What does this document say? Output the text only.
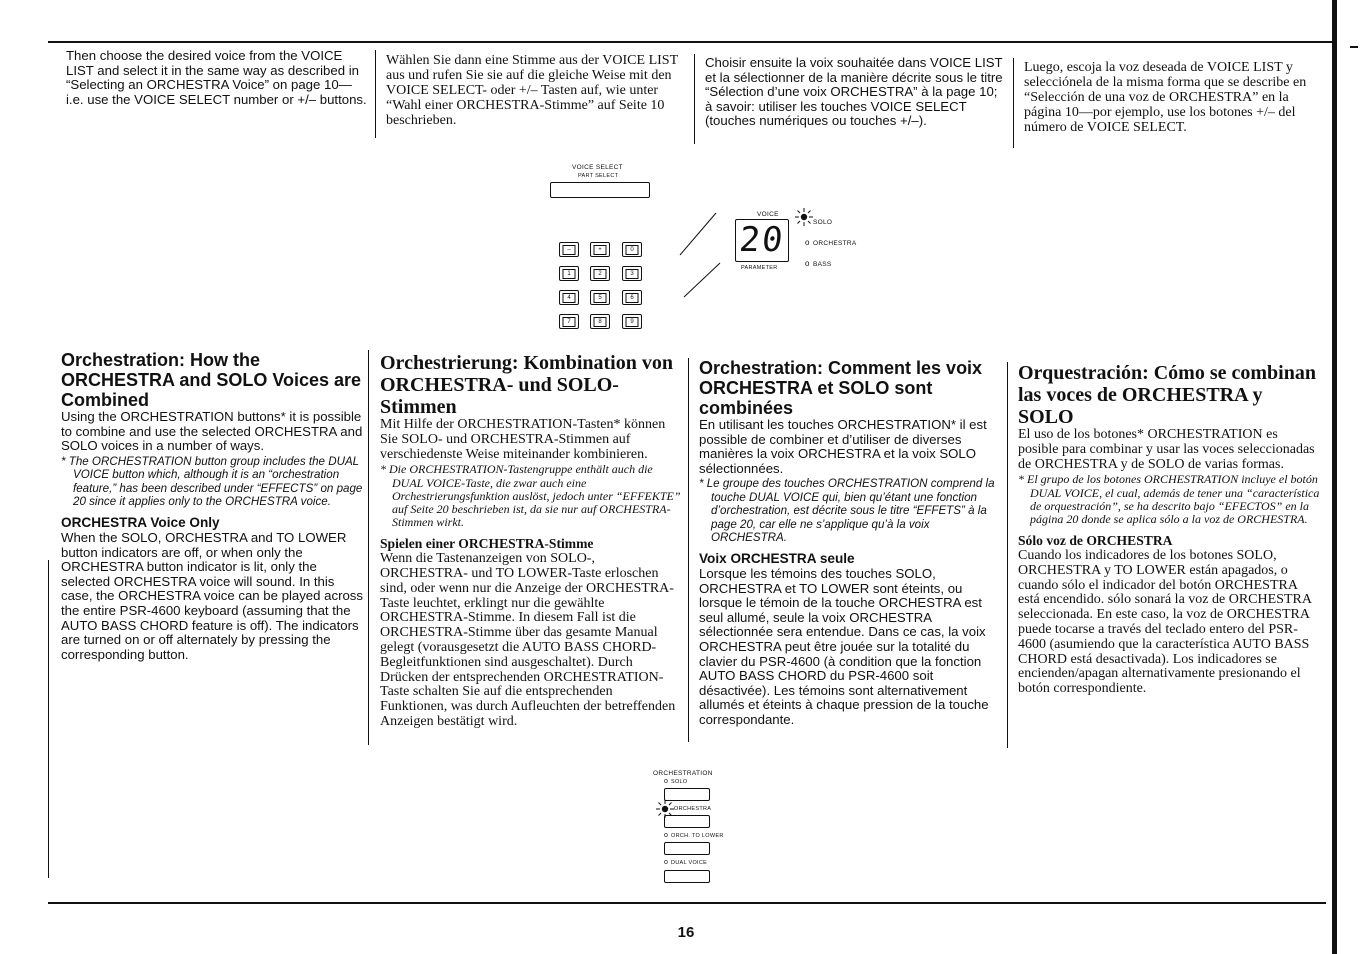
Then choose the desired voice from the VOICE LIST and select it in the same way as described in “Selecting an ORCHESTRA Voice” on page 10—i.e. use the VOICE SELECT number or +/– buttons.

Wählen Sie dann eine Stimme aus der VOICE LIST aus und rufen Sie sie auf die gleiche Weise mit den VOICE SELECT- oder +/– Tasten auf, wie unter “Wahl einer ORCHESTRA-Stimme” auf Seite 10 beschrieben.

Choisir ensuite la voix souhaitée dans VOICE LIST et la sélectionner de la manière décrite sous le titre “Sélection d’une voix ORCHESTRA” à la page 10; à savoir: utiliser les touches VOICE SELECT (touches numériques ou touches +/–).

Luego, escoja la voz deseada de VOICE LIST y selecciónela de la misma forma que se describe en “Selección de una voz de ORCHESTRA” en la página 10—por ejemplo, use los botones +/– del número de VOICE SELECT.

VOICE SELECT
PART SELECT
–	+	0
1	2	3
4	5	6
7	8	9
VOICE
20
PARAMETER
SOLO
o ORCHESTRA
o BASS

Orchestration: How the ORCHESTRA and SOLO Voices are Combined

Using the ORCHESTRATION buttons* it is possible to combine and use the selected ORCHESTRA and SOLO voices in a number of ways.

* The ORCHESTRATION button group includes the DUAL VOICE button which, although it is an “orchestration feature,” has been described under “EFFECTS” on page 20 since it applies only to the ORCHESTRA voice.

ORCHESTRA Voice Only

When the SOLO, ORCHESTRA and TO LOWER button indicators are off, or when only the ORCHESTRA button indicator is lit, only the selected ORCHESTRA voice will sound. In this case, the ORCHESTRA voice can be played across the entire PSR-4600 keyboard (assuming that the AUTO BASS CHORD feature is off). The indicators are turned on or off alternately by pressing the corresponding button.

Orchestrierung: Kombination von ORCHESTRA- und SOLO-Stimmen

Mit Hilfe der ORCHESTRATION-Tasten* können Sie SOLO- und ORCHESTRA-Stimmen auf verschiedenste Weise miteinander kombinieren.

* Die ORCHESTRATION-Tastengruppe enthält auch die DUAL VOICE-Taste, die zwar auch eine Orchestrierungsfunktion auslöst, jedoch unter “EFFEKTE” auf Seite 20 beschrieben ist, da sie nur auf ORCHESTRA-Stimmen wirkt.

Spielen einer ORCHESTRA-Stimme

Wenn die Tastenanzeigen von SOLO-, ORCHESTRA- und TO LOWER-Taste erloschen sind, oder wenn nur die Anzeige der ORCHESTRA-Taste leuchtet, erklingt nur die gewählte ORCHESTRA-Stimme. In diesem Fall ist die ORCHESTRA-Stimme über das gesamte Manual gelegt (vorausgesetzt die AUTO BASS CHORD-Begleitfunktionen sind ausgeschaltet). Durch Drücken der entsprechenden ORCHESTRATION-Taste schalten Sie auf die entsprechenden Funktionen, was durch Aufleuchten der betreffenden Anzeigen bestätigt wird.

Orchestration: Comment les voix ORCHESTRA et SOLO sont combinées

En utilisant les touches ORCHESTRATION* il est possible de combiner et d’utiliser de diverses manières la voix ORCHESTRA et la voix SOLO sélectionnées.

* Le groupe des touches ORCHESTRATION comprend la touche DUAL VOICE qui, bien qu’étant une fonction d’orchestration, est décrite sous le titre “EFFETS” à la page 20, car elle ne s’applique qu’à la voix ORCHESTRA.

Voix ORCHESTRA seule

Lorsque les témoins des touches SOLO, ORCHESTRA et TO LOWER sont éteints, ou lorsque le témoin de la touche ORCHESTRA est seul allumé, seule la voix ORCHESTRA sélectionnée sera entendue. Dans ce cas, la voix ORCHESTRA peut être jouée sur la totalité du clavier du PSR-4600 (à condition que la fonction AUTO BASS CHORD du PSR-4600 soit désactivée). Les témoins sont alternativement allumés et éteints à chaque pression de la touche correspondante.

Orquestración: Cómo se combinan las voces de ORCHESTRA y SOLO

El uso de los botones* ORCHESTRATION es posible para combinar y usar las voces seleccionadas de ORCHESTRA y de SOLO de varias formas.

* El grupo de los botones ORCHESTRATION incluye el botón DUAL VOICE, el cual, además de tener una “característica de orquestración”, se ha descrito bajo “EFECTOS” en la página 20 donde se aplica sólo a la voz de ORCHESTRA.

Sólo voz de ORCHESTRA

Cuando los indicadores de los botones SOLO, ORCHESTRA y TO LOWER están apagados, o cuando sólo el indicador del botón ORCHESTRA está encendido. sólo sonará la voz de ORCHESTRA seleccionada. En este caso, la voz de ORCHESTRA puede tocarse a través del teclado entero del PSR-4600 (asumiendo que la característica AUTO BASS CHORD está desactivada). Los indicadores se encienden/apagan alternativamente presionando el botón correspondiente.

ORCHESTRATION
o SOLO
ORCHESTRA
o ORCH. TO LOWER
o DUAL VOICE
16
